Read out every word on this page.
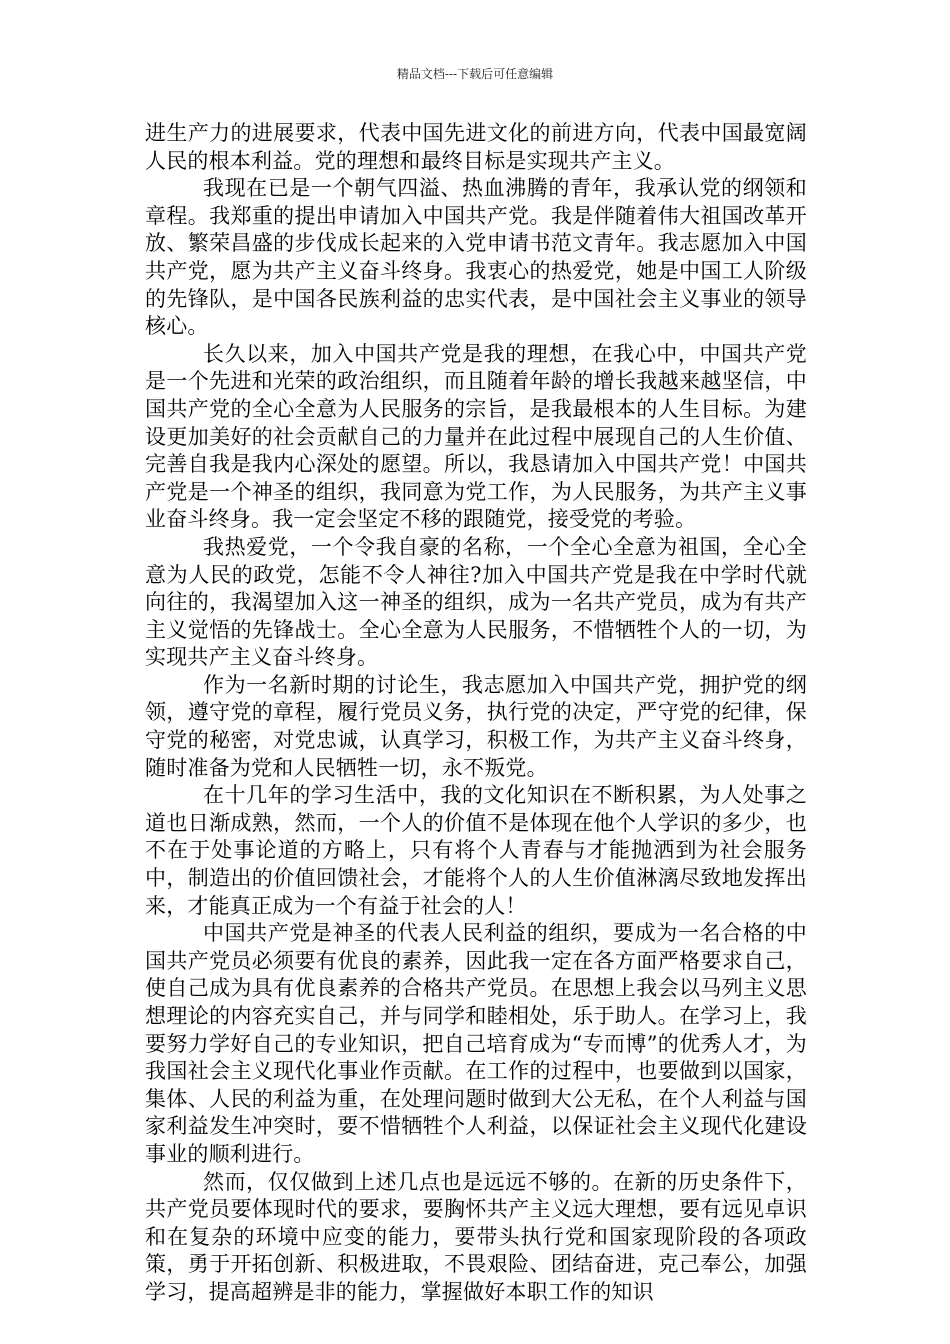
精品文档---下载后可任意编辑

进生产力的进展要求，代表中国先进文化的前进方向，代表中国最宽阔人民的根本利益。党的理想和最终目标是实现共产主义。

我现在已是一个朝气四溢、热血沸腾的青年，我承认党的纲领和章程。我郑重的提出申请加入中国共产党。我是伴随着伟大祖国改革开放、繁荣昌盛的步伐成长起来的入党申请书范文青年。我志愿加入中国共产党，愿为共产主义奋斗终身。我衷心的热爱党，她是中国工人阶级的先锋队，是中国各民族利益的忠实代表，是中国社会主义事业的领导核心。

长久以来，加入中国共产党是我的理想，在我心中，中国共产党是一个先进和光荣的政治组织，而且随着年龄的增长我越来越坚信，中国共产党的全心全意为人民服务的宗旨，是我最根本的人生目标。为建设更加美好的社会贡献自己的力量并在此过程中展现自己的人生价值、完善自我是我内心深处的愿望。所以，我恳请加入中国共产党！中国共产党是一个神圣的组织，我同意为党工作，为人民服务，为共产主义事业奋斗终身。我一定会坚定不移的跟随党，接受党的考验。

我热爱党，一个令我自豪的名称，一个全心全意为祖国，全心全意为人民的政党，怎能不令人神往?加入中国共产党是我在中学时代就向往的，我渴望加入这一神圣的组织，成为一名共产党员，成为有共产主义觉悟的先锋战士。全心全意为人民服务，不惜牺牲个人的一切，为实现共产主义奋斗终身。

作为一名新时期的讨论生，我志愿加入中国共产党，拥护党的纲领，遵守党的章程，履行党员义务，执行党的决定，严守党的纪律，保守党的秘密，对党忠诚，认真学习，积极工作，为共产主义奋斗终身，随时准备为党和人民牺牲一切，永不叛党。

在十几年的学习生活中，我的文化知识在不断积累，为人处事之道也日渐成熟，然而，一个人的价值不是体现在他个人学识的多少，也不在于处事论道的方略上，只有将个人青春与才能抛洒到为社会服务中，制造出的价值回馈社会，才能将个人的人生价值淋漓尽致地发挥出来，才能真正成为一个有益于社会的人！

中国共产党是神圣的代表人民利益的组织，要成为一名合格的中国共产党员必须要有优良的素养，因此我一定在各方面严格要求自己，使自己成为具有优良素养的合格共产党员。在思想上我会以马列主义思想理论的内容充实自己，并与同学和睦相处，乐于助人。在学习上，我要努力学好自己的专业知识，把自己培育成为“专而博”的优秀人才，为我国社会主义现代化事业作贡献。在工作的过程中，也要做到以国家，集体、人民的利益为重，在处理问题时做到大公无私，在个人利益与国家利益发生冲突时，要不惜牺牲个人利益，以保证社会主义现代化建设事业的顺利进行。

然而，仅仅做到上述几点也是远远不够的。在新的历史条件下，共产党员要体现时代的要求，要胸怀共产主义远大理想，要有远见卓识和在复杂的环境中应变的能力，要带头执行党和国家现阶段的各项政策，勇于开拓创新、积极进取，不畏艰险、团结奋进，克己奉公，加强学习，提高超辨是非的能力，掌握做好本职工作的知识
